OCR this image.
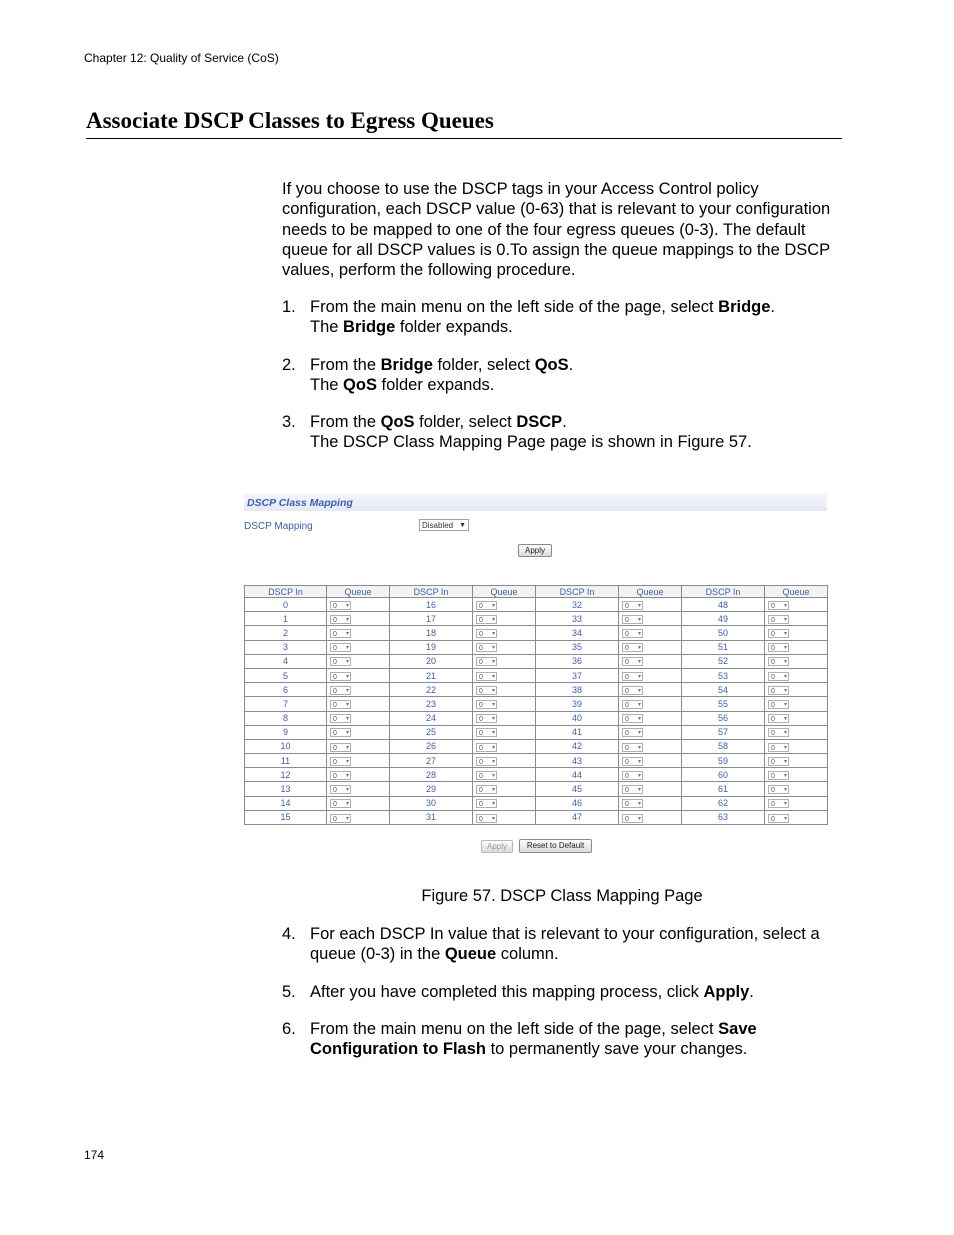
Chapter 12: Quality of Service (CoS)
Associate DSCP Classes to Egress Queues

If you choose to use the DSCP tags in your Access Control policy configuration, each DSCP value (0-63) that is relevant to your configuration needs to be mapped to one of the four egress queues (0-3). The default queue for all DSCP values is 0.To assign the queue mappings to the DSCP values, perform the following procedure.

1. From the main menu on the left side of the page, select Bridge.
The Bridge folder expands.
2. From the Bridge folder, select QoS.
The QoS folder expands.
3. From the QoS folder, select DSCP.
The DSCP Class Mapping Page page is shown in Figure 57.
DSCP Class Mapping
DSCP Mapping	Disabled ▼
Apply
DSCP In	Queue	DSCP In	Queue	DSCP In	Queue	DSCP In	Queue
0	0 ▾	16	0 ▾	32	0 ▾	48	0 ▾
1	0 ▾	17	0 ▾	33	0 ▾	49	0 ▾
2	0 ▾	18	0 ▾	34	0 ▾	50	0 ▾
3	0 ▾	19	0 ▾	35	0 ▾	51	0 ▾
4	0 ▾	20	0 ▾	36	0 ▾	52	0 ▾
5	0 ▾	21	0 ▾	37	0 ▾	53	0 ▾
6	0 ▾	22	0 ▾	38	0 ▾	54	0 ▾
7	0 ▾	23	0 ▾	39	0 ▾	55	0 ▾
8	0 ▾	24	0 ▾	40	0 ▾	56	0 ▾
9	0 ▾	25	0 ▾	41	0 ▾	57	0 ▾
10	0 ▾	26	0 ▾	42	0 ▾	58	0 ▾
11	0 ▾	27	0 ▾	43	0 ▾	59	0 ▾
12	0 ▾	28	0 ▾	44	0 ▾	60	0 ▾
13	0 ▾	29	0 ▾	45	0 ▾	61	0 ▾
14	0 ▾	30	0 ▾	46	0 ▾	62	0 ▾
15	0 ▾	31	0 ▾	47	0 ▾	63	0 ▾
Apply	Reset to Default
Figure 57. DSCP Class Mapping Page
4. For each DSCP In value that is relevant to your configuration, select a queue (0-3) in the Queue column.
5. After you have completed this mapping process, click Apply.
6. From the main menu on the left side of the page, select Save Configuration to Flash to permanently save your changes.
174
